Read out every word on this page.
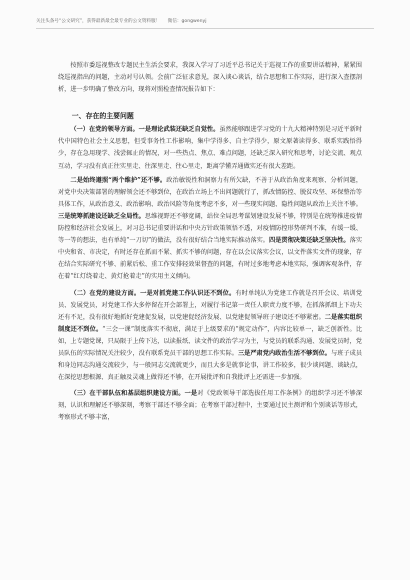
关注头条号“公文研究”，获得最新最全最专业的公文资料服！ 微信：gongwenyj

按照市委巡视整改专题民主生活会要求，我深入学习了习近平总书记关于巡视工作的重要讲话精神，紧紧围绕巡视指出的问题，主动对号认领。会前广泛征求意见，深入谈心谈话，结合思想和工作实际，进行深入查摆剖析，进一步明确了整改方向，现将对照检查情况报告如下：

一、存在的主要问题

（一）在党的领导方面。一是理论武装还缺乏自觉性。虽然能够跟进学习党的十九大精神特别是习近平新时代中国特色社会主义思想，但受事务性工作影响，集中学得多、自主学得少，原文原著读得多、联系实践悟得少，存在急用现学、浅尝辄止的情况，对一些热点、焦点、难点问题，还缺乏深入研究和思考，讨论交流、观点互动，学习没有真正往实里走、往深里走、往心里走，距离学懂弄通做实还有很大差距。

二是始终遵照“两个维护”还不够。政治敏锐性和洞察力有所欠缺，不善于从政治角度来观察、分析问题，对党中央决策部署的理解领会还不够到位，在政治立场上不出问题就行了，抓改情防控、脱贫攻坚、环保整治等具体工作，从政治意义、政治影响、政治风险等角度考虑不多，对一些现实问题、隐性问题从政治上关注不够。三是统筹抓建设还缺乏全局性。思维视野还不够宽阔，站位全局思考谋划建设发展不够，特别是在统筹推进疫情防控和经济社会发展上，对习总书记重要讲话和中央方针政策领悟不透，对疫情防控形势研判不准，有缓一缓、等一等的想法，也有单纯“一刀切”的做法，没有很好结合当地实际推动落实。四是贯彻决策还缺乏坚决性。落实中央和省、市决定，有时还存在抓而不紧、抓实不够的问题，存在以会议落实会议，以文件落实文件的现象，存在结合实际研究不够、前紧后松、重工作安排轻效果督查的问题，有时过多地考虑本地实际，强调客观条件，存在着“红灯绕着走、黄灯抢着走”的实用主义倾向。

（二）在党的建设方面。一是对抓党建工作认识还不到位。有时单纯认为党建工作就是召开会议、培训党员、发展党员，对党建工作大多停留在开会部署上，对履行书记第一责任人职责力度不够，在抓落抓细上下功夫还有不足，没有很好地抓好党建促发展，以党建促经济发展、以党建促领导班子建设还不够紧密。二是落实组织制度还不到位。“三会一课”制度落实不彻底，满足于上级要求的“规定动作”，内容比较单一，缺乏创新性。比如，上专题党课，只局限于上传下达，以读报纸、读文件的政治学习为主，与党员的联系沟通、发展党员时，党员队伍的实际情况关注较少，没有联系党员干部的思想工作实际。三是严肃党内政治生活不够到位。与班子成员和身边同志沟通交流较少，与一般同志交流就更少，而且大多是就事论事，讲工作较多，很少谈问题、谈缺点，在深挖思想根源、真正触及灵魂上做得还不够，在开展批评和自我批评上还需进一步加强。

（三）在干部队伍和基层组织建设方面。一是对《党政领导干部选拔任用工作条例》的组织学习还不够深刻，认识和理解还不够深刻，考察干部还不够全面；在考察干部过程中，主要通过民主测评和个别谈话等形式，考察形式不够丰富，
